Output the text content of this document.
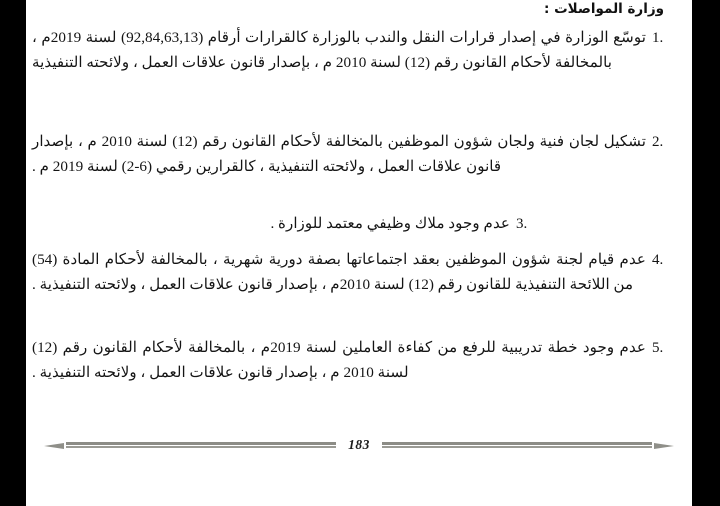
وزارة المواصلات :
1.
توسّع الوزارة في إصدار قرارات النقل والندب بالوزارة كالقرارات أرقام (92,84,63,13) لسنة 2019م ، بالمخالفة لأحكام القانون رقم (12) لسنة 2010 م ، بإصدار قانون علاقات العمل ، ولائحته التنفيذية
2.
تشكيل لجان فنية ولجان شؤون الموظفين بالمخالفة لأحكام القانون رقم (12) لسنة 2010 م ، بإصدار قانون علاقات العمل ، ولائحته التنفيذية ، كالقرارين رقمي (6-2) لسنة 2019 م .
3.
عدم وجود ملاك وظيفي معتمد للوزارة .
4.
عدم قيام لجنة شؤون الموظفين بعقد اجتماعاتها بصفة دورية شهرية ، بالمخالفة لأحكام المادة (54) من اللائحة التنفيذية للقانون رقم (12) لسنة 2010م ، بإصدار قانون علاقات العمل ، ولائحته التنفيذية .
5.
عدم وجود خطة تدريبية للرفع من كفاءة العاملين لسنة 2019م ، بالمخالفة لأحكام القانون رقم (12) لسنة 2010 م ، بإصدار قانون علاقات العمل ، ولائحته التنفيذية .
183
